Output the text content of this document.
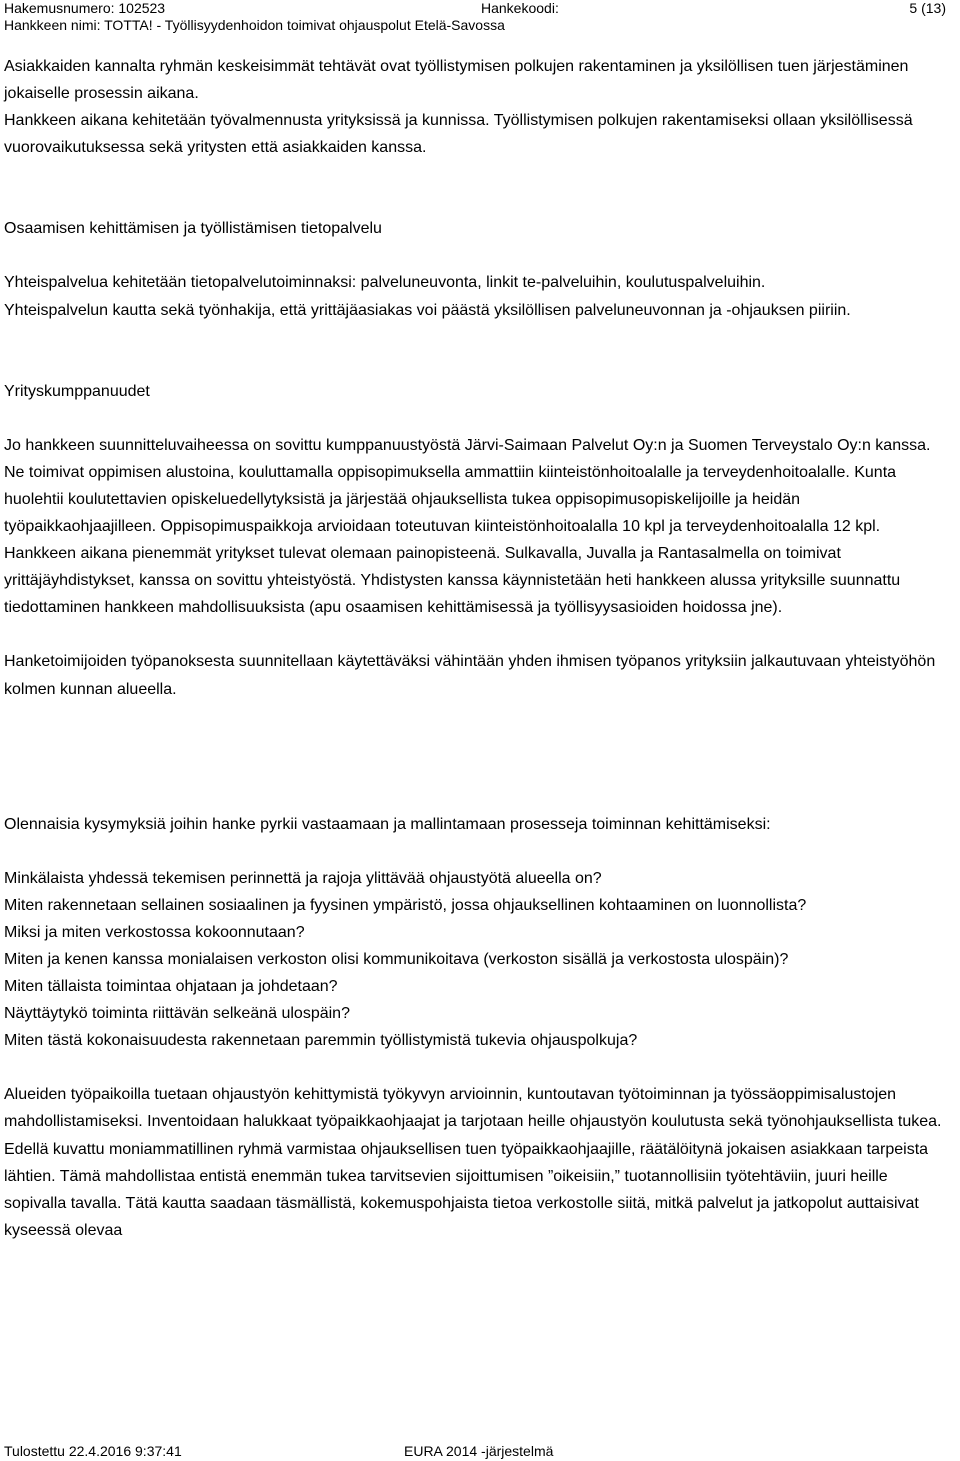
Hakemusnumero: 102523	Hankekoodi:	5 (13)
Hankkeen nimi: TOTTA! - Työllisyydenhoidon toimivat ohjauspolut Etelä-Savossa

Asiakkaiden kannalta ryhmän keskeisimmät tehtävät ovat työllistymisen polkujen rakentaminen ja yksilöllisen tuen järjestäminen jokaiselle prosessin aikana.

Hankkeen aikana kehitetään työvalmennusta yrityksissä ja kunnissa. Työllistymisen polkujen rakentamiseksi ollaan yksilöllisessä vuorovaikutuksessa sekä yritysten että asiakkaiden kanssa.

Osaamisen kehittämisen ja työllistämisen tietopalvelu

Yhteispalvelua kehitetään tietopalvelutoiminnaksi: palveluneuvonta, linkit te-palveluihin, koulutuspalveluihin.

Yhteispalvelun kautta sekä työnhakija, että yrittäjäasiakas voi päästä yksilöllisen palveluneuvonnan ja -ohjauksen piiriin.

Yrityskumppanuudet

Jo hankkeen suunnitteluvaiheessa on sovittu kumppanuustyöstä Järvi-Saimaan Palvelut Oy:n ja Suomen Terveystalo Oy:n kanssa. Ne toimivat oppimisen alustoina, kouluttamalla oppisopimuksella ammattiin kiinteistönhoitoalalle ja terveydenhoitoalalle. Kunta huolehtii koulutettavien opiskeluedellytyksistä ja järjestää ohjauksellista tukea oppisopimusopiskelijoille ja heidän työpaikkaohjaajilleen. Oppisopimuspaikkoja arvioidaan toteutuvan kiinteistönhoitoalalla 10 kpl ja terveydenhoitoalalla 12 kpl.

Hankkeen aikana pienemmät yritykset tulevat olemaan painopisteenä. Sulkavalla, Juvalla ja Rantasalmella on toimivat yrittäjäyhdistykset, kanssa on sovittu yhteistyöstä. Yhdistysten kanssa käynnistetään heti hankkeen alussa yrityksille suunnattu tiedottaminen hankkeen mahdollisuuksista (apu osaamisen kehittämisessä ja työllisyysasioiden hoidossa jne).

Hanketoimijoiden työpanoksesta suunnitellaan käytettäväksi vähintään yhden ihmisen työpanos yrityksiin jalkautuvaan yhteistyöhön kolmen kunnan alueella.

Olennaisia kysymyksiä joihin hanke pyrkii vastaamaan ja mallintamaan prosesseja toiminnan kehittämiseksi:

Minkälaista yhdessä tekemisen perinnettä ja rajoja ylittävää ohjaustyötä alueella on?

Miten rakennetaan sellainen sosiaalinen ja fyysinen ympäristö, jossa ohjauksellinen kohtaaminen on luonnollista?

Miksi ja miten verkostossa kokoonnutaan?

Miten ja kenen kanssa monialaisen verkoston olisi kommunikoitava (verkoston sisällä ja verkostosta ulospäin)?

Miten tällaista toimintaa ohjataan ja johdetaan?

Näyttäytykö toiminta riittävän selkeänä ulospäin?

Miten tästä kokonaisuudesta rakennetaan paremmin työllistymistä tukevia ohjauspolkuja?

Alueiden työpaikoilla tuetaan ohjaustyön kehittymistä työkyvyn arvioinnin, kuntoutavan työtoiminnan ja työssäoppimisalustojen mahdollistamiseksi. Inventoidaan halukkaat työpaikkaohjaajat ja tarjotaan heille ohjaustyön koulutusta sekä työnohjauksellista tukea. Edellä kuvattu moniammatillinen ryhmä varmistaa ohjauksellisen tuen työpaikkaohjaajille, räätälöitynä jokaisen asiakkaan tarpeista lähtien. Tämä mahdollistaa entistä enemmän tukea tarvitsevien sijoittumisen ”oikeisiin,” tuotannollisiin työtehtäviin, juuri heille sopivalla tavalla. Tätä kautta saadaan täsmällistä, kokemuspohjaista tietoa verkostolle siitä, mitkä palvelut ja jatkopolut auttaisivat kyseessä olevaa

Tulostettu 22.4.2016 9:37:41	EURA 2014 -järjestelmä
